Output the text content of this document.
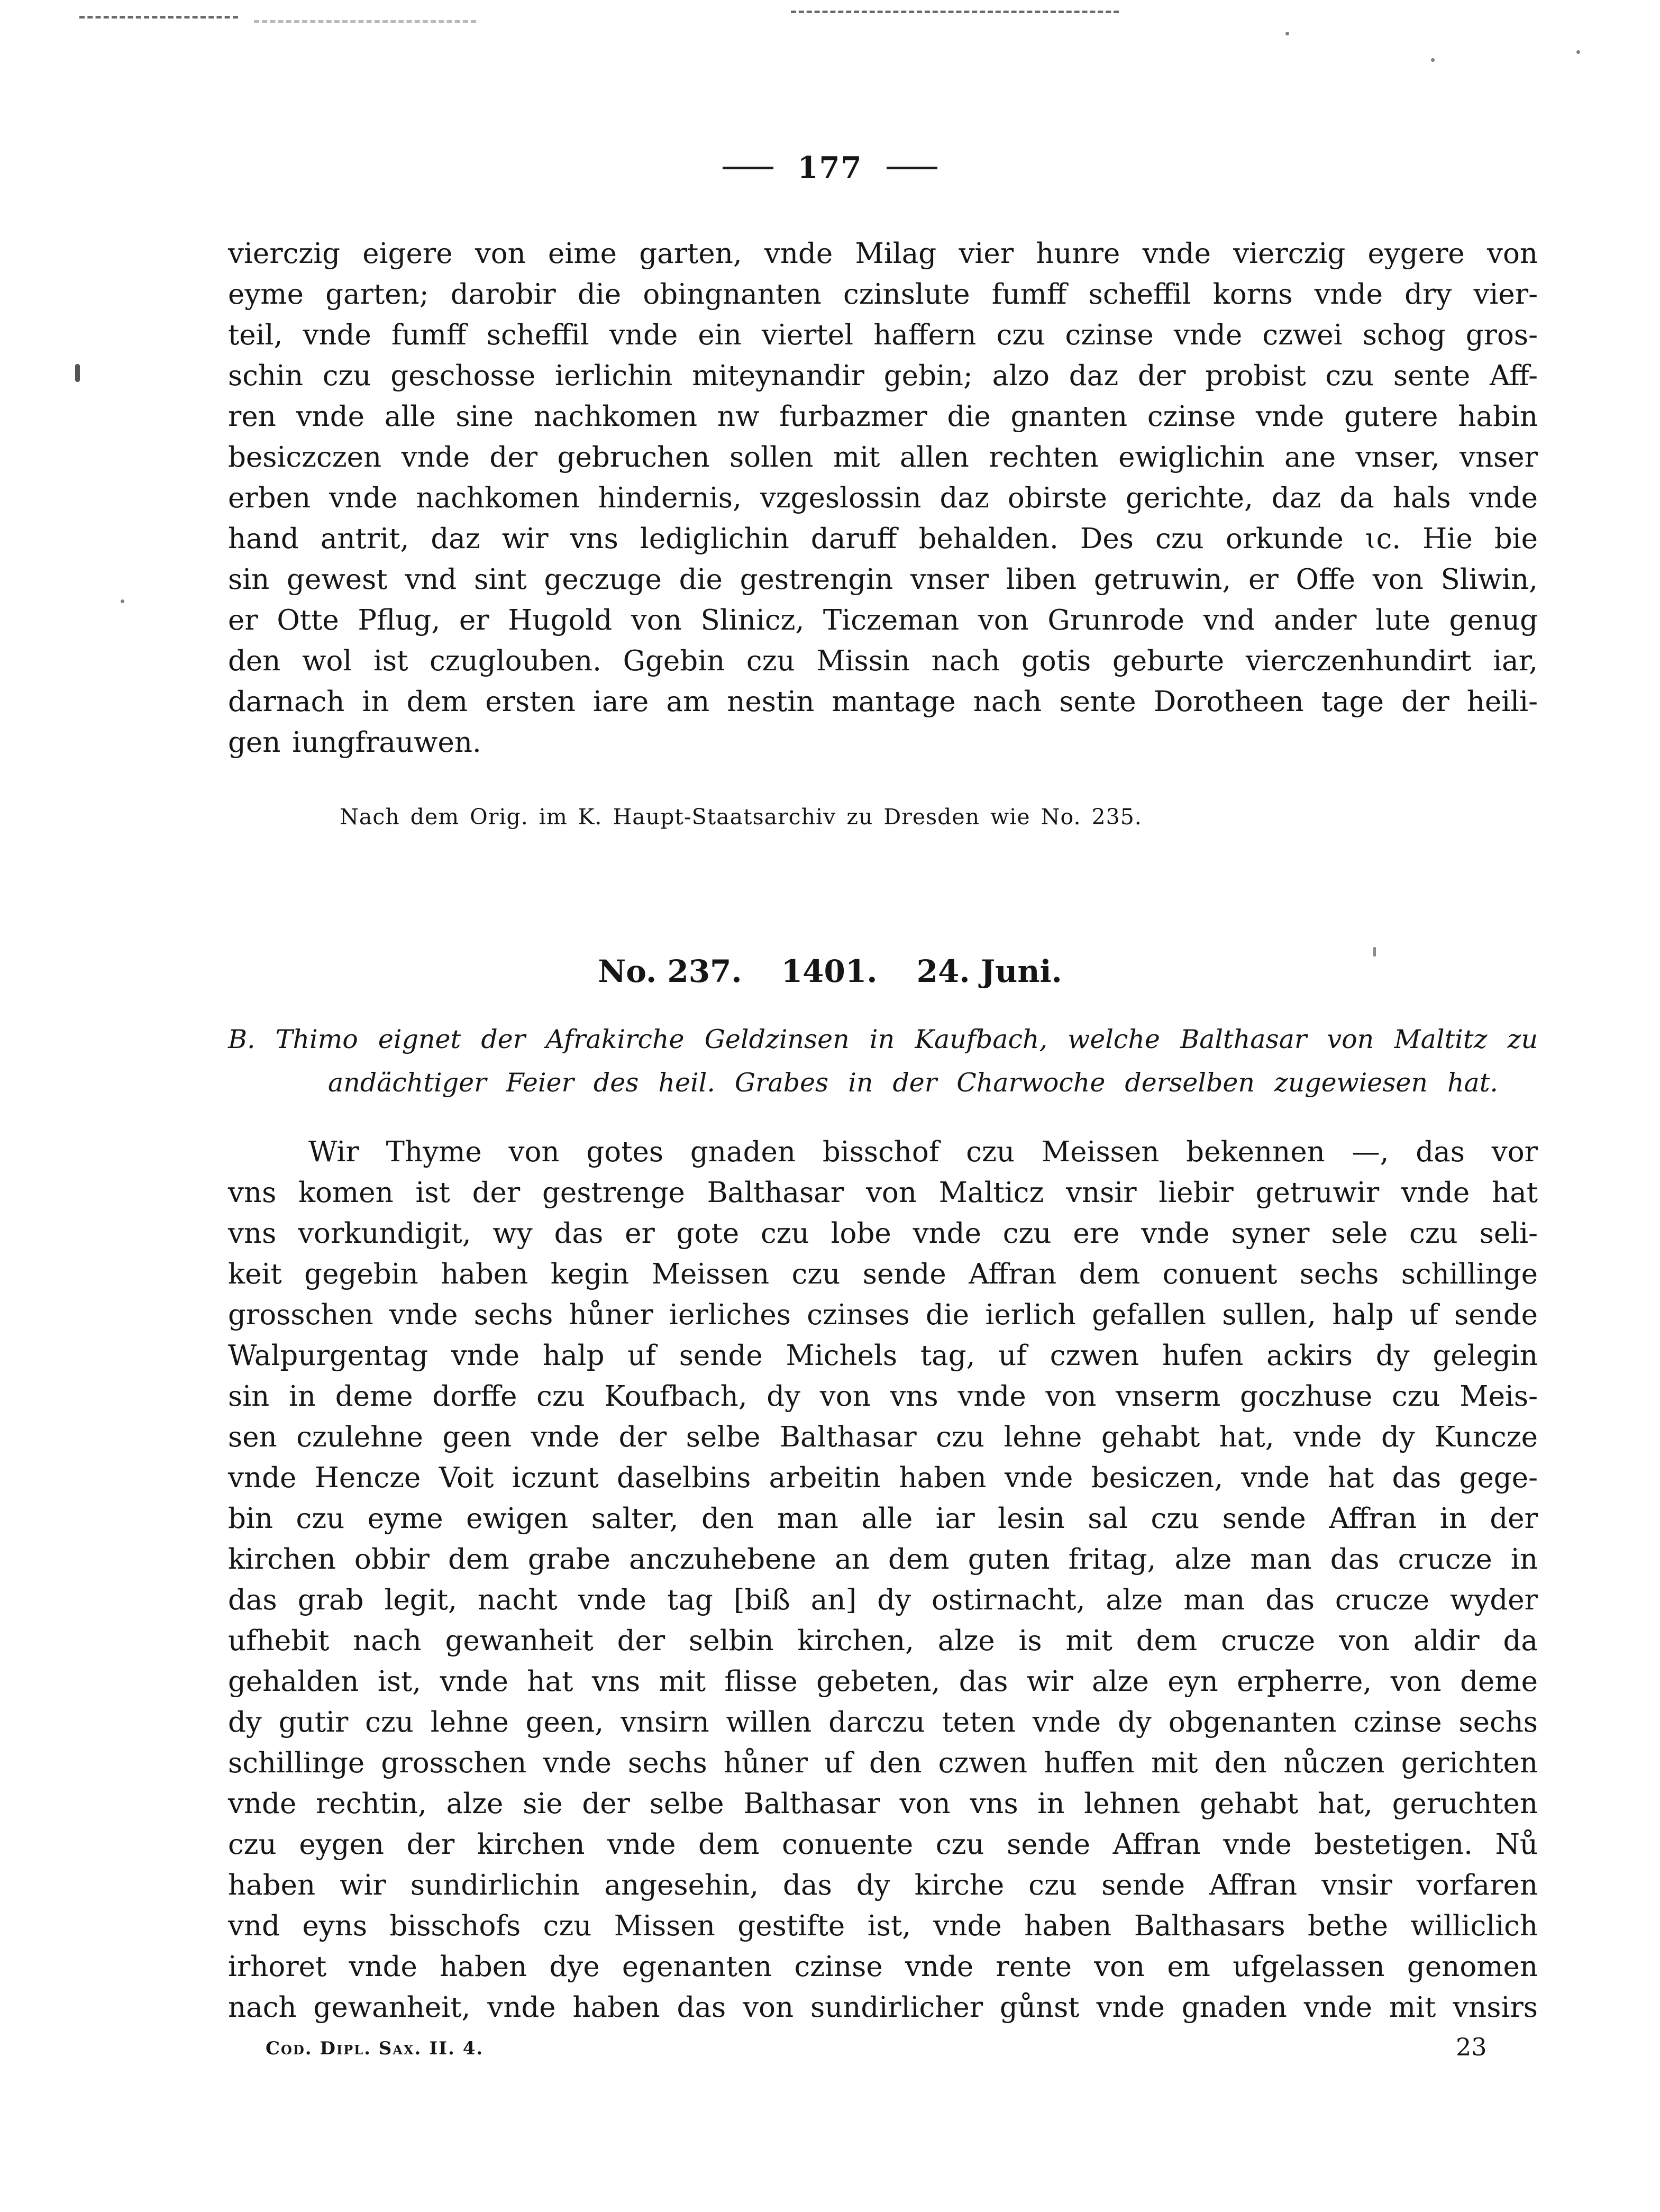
177
vierczig eigere von eime garten, vnde Milag vier hunre vnde vierczig eygere von
eyme garten; darobir die obingnanten czinslute fumff scheffil korns vnde dry vier-
teil, vnde fumff scheffil vnde ein viertel haffern czu czinse vnde czwei schog gros-
schin czu geschosse ierlichin miteynandir gebin; alzo daz der probist czu sente Aff-
ren vnde alle sine nachkomen nw furbazmer die gnanten czinse vnde gutere habin
besiczczen vnde der gebruchen sollen mit allen rechten ewiglichin ane vnser, vnser
erben vnde nachkomen hindernis, vzgeslossin daz obirste gerichte, daz da hals vnde
hand antrit, daz wir vns lediglichin daruff behalden. Des czu orkunde ɩc. Hie bie
sin gewest vnd sint geczuge die gestrengin vnser liben getruwin, er Offe von Sliwin,
er Otte Pflug, er Hugold von Slinicz, Ticzeman von Grunrode vnd ander lute genug
den wol ist czuglouben. Ggebin czu Missin nach gotis geburte vierczenhundirt iar,
darnach in dem ersten iare am nestin mantage nach sente Dorotheen tage der heili-
gen iungfrauwen.
Nach dem Orig. im K. Haupt-Staatsarchiv zu Dresden wie No. 235.
No. 237. 1401. 24. Juni.
B. Thimo eignet der Afrakirche Geldzinsen in Kaufbach, welche Balthasar von Maltitz zu
andächtiger Feier des heil. Grabes in der Charwoche derselben zugewiesen hat.
Wir Thyme von gotes gnaden bisschof czu Meissen bekennen —, das vor
vns komen ist der gestrenge Balthasar von Malticz vnsir liebir getruwir vnde hat
vns vorkundigit, wy das er gote czu lobe vnde czu ere vnde syner sele czu seli-
keit gegebin haben kegin Meissen czu sende Affran dem conuent sechs schillinge
grosschen vnde sechs hůner ierliches czinses die ierlich gefallen sullen, halp uf sende
Walpurgentag vnde halp uf sende Michels tag, uf czwen hufen ackirs dy gelegin
sin in deme dorffe czu Koufbach, dy von vns vnde von vnserm goczhuse czu Meis-
sen czulehne geen vnde der selbe Balthasar czu lehne gehabt hat, vnde dy Kuncze
vnde Hencze Voit iczunt daselbins arbeitin haben vnde besiczen, vnde hat das gege-
bin czu eyme ewigen salter, den man alle iar lesin sal czu sende Affran in der
kirchen obbir dem grabe anczuhebene an dem guten fritag, alze man das crucze in
das grab legit, nacht vnde tag [biß an] dy ostirnacht, alze man das crucze wyder
ufhebit nach gewanheit der selbin kirchen, alze is mit dem crucze von aldir da
gehalden ist, vnde hat vns mit flisse gebeten, das wir alze eyn erpherre, von deme
dy gutir czu lehne geen, vnsirn willen darczu teten vnde dy obgenanten czinse sechs
schillinge grosschen vnde sechs hůner uf den czwen huffen mit den nůczen gerichten
vnde rechtin, alze sie der selbe Balthasar von vns in lehnen gehabt hat, geruchten
czu eygen der kirchen vnde dem conuente czu sende Affran vnde bestetigen. Nů
haben wir sundirlichin angesehin, das dy kirche czu sende Affran vnsir vorfaren
vnd eyns bisschofs czu Missen gestifte ist, vnde haben Balthasars bethe williclich
irhoret vnde haben dye egenanten czinse vnde rente von em ufgelassen genomen
nach gewanheit, vnde haben das von sundirlicher gůnst vnde gnaden vnde mit vnsirs
Cod. Dipl. Sax. II. 4.	23
